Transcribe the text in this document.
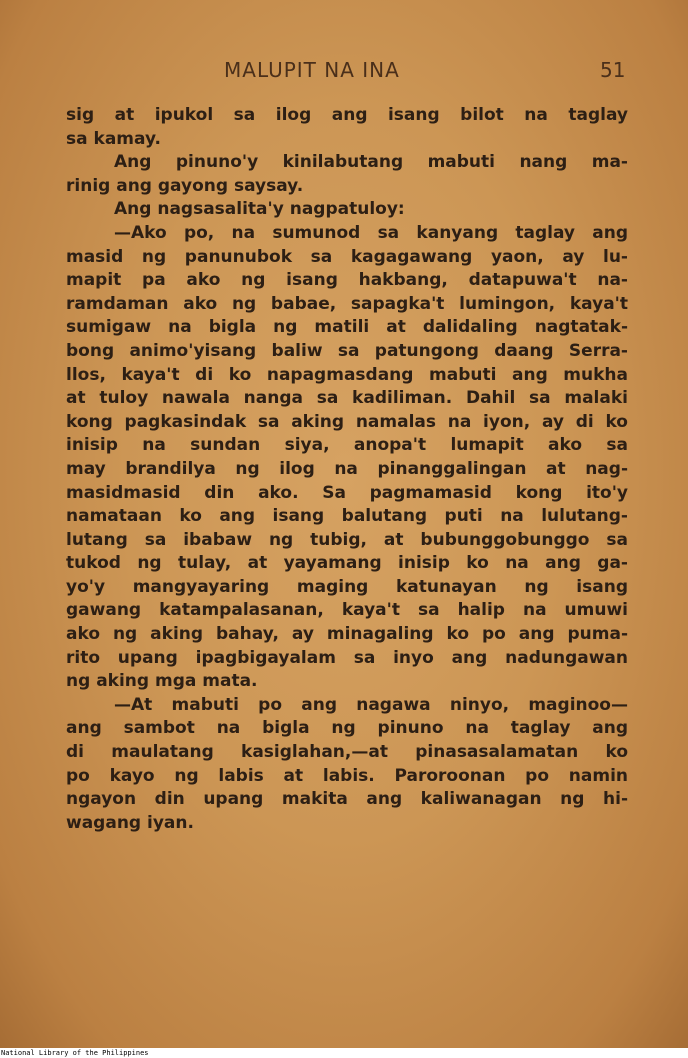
MALUPIT NA INA	51
sig at ipukol sa ilog ang isang bilot na taglay
sa kamay.
Ang pinuno'y kinilabutang mabuti nang ma-
rinig ang gayong saysay.
Ang nagsasalita'y nagpatuloy:
—Ako po, na sumunod sa kanyang taglay ang
masid ng panunubok sa kagagawang yaon, ay lu-
mapit pa ako ng isang hakbang, datapuwa't na-
ramdaman ako ng babae, sapagka't lumingon, kaya't
sumigaw na bigla ng matili at dalidaling nagtatak-
bong animo'yisang baliw sa patungong daang Serra-
llos, kaya't di ko napagmasdang mabuti ang mukha
at tuloy nawala nanga sa kadiliman. Dahil sa malaki
kong pagkasindak sa aking namalas na iyon, ay di ko
inisip na sundan siya, anopa't lumapit ako sa
may brandilya ng ilog na pinanggalingan at nag-
masidmasid din ako. Sa pagmamasid kong ito'y
namataan ko ang isang balutang puti na lulutang-
lutang sa ibabaw ng tubig, at bubunggobunggo sa
tukod ng tulay, at yayamang inisip ko na ang ga-
yo'y mangyayaring maging katunayan ng isang
gawang katampalasanan, kaya't sa halip na umuwi
ako ng aking bahay, ay minagaling ko po ang puma-
rito upang ipagbigayalam sa inyo ang nadungawan
ng aking mga mata.
—At mabuti po ang nagawa ninyo, maginoo—
ang sambot na bigla ng pinuno na taglay ang
di maulatang kasiglahan,—at pinasasalamatan ko
po kayo ng labis at labis. Paroroonan po namin
ngayon din upang makita ang kaliwanagan ng hi-
wagang iyan.
National Library of the Philippines
